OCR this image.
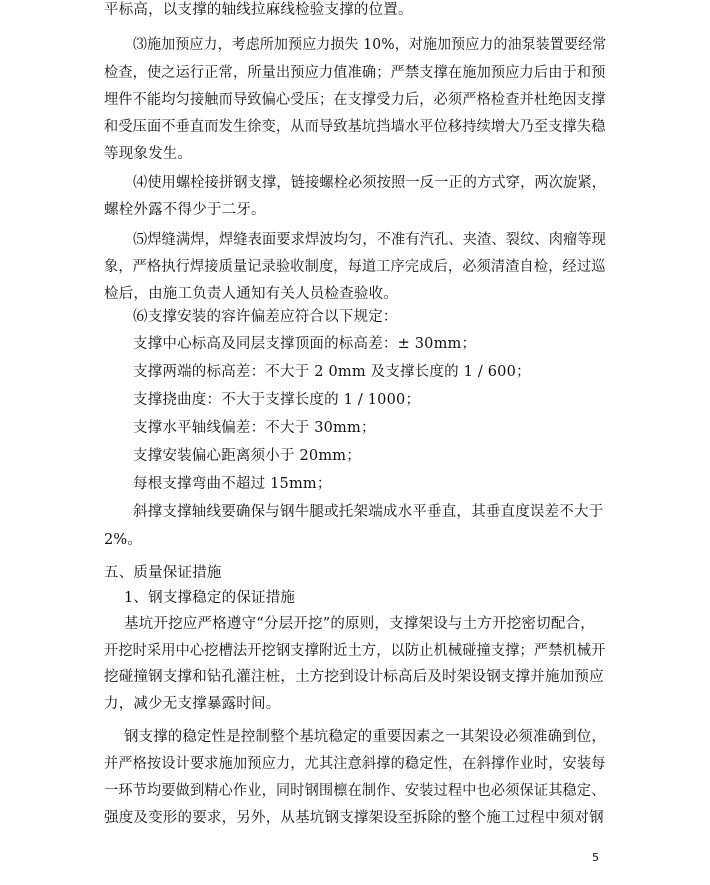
平标高，以支撑的轴线拉麻线检验支撑的位置。
⑶施加预应力，考虑所加预应力损失 10%，对施加预应力的油泵装置要经常
检查，使之运行正常，所量出预应力值准确；严禁支撑在施加预应力后由于和预
埋件不能均匀接触而导致偏心受压；在支撑受力后，必须严格检查并杜绝因支撑
和受压面不垂直而发生徐变，从而导致基坑挡墙水平位移持续增大乃至支撑失稳
等现象发生。
⑷使用螺栓接拼钢支撑，链接螺栓必须按照一反一正的方式穿，两次旋紧，
螺栓外露不得少于二牙。
⑸焊缝满焊，焊缝表面要求焊波均匀，不准有汽孔、夹渣、裂纹、肉瘤等现
象，严格执行焊接质量记录验收制度，每道工序完成后，必须清渣自检，经过巡
检后，由施工负责人通知有关人员检查验收。
⑹支撑安装的容许偏差应符合以下规定：
支撑中心标高及同层支撑顶面的标高差：± 30mm；
支撑两端的标高差：不大于 2 0mm 及支撑长度的 1 / 600；
支撑挠曲度：不大于支撑长度的 1 / 1000；
支撑水平轴线偏差：不大于 30mm；
支撑安装偏心距离须小于 20mm；
每根支撑弯曲不超过 15mm；
斜撑支撑轴线要确保与钢牛腿或托架端成水平垂直，其垂直度误差不大于
2%。
五、质量保证措施
1、钢支撑稳定的保证措施
基坑开挖应严格遵守“分层开挖”的原则，支撑架设与土方开挖密切配合，
开挖时采用中心挖槽法开挖钢支撑附近土方，以防止机械碰撞支撑；严禁机械开
挖碰撞钢支撑和钻孔灌注桩，土方挖到设计标高后及时架设钢支撑并施加预应
力，减少无支撑暴露时间。
钢支撑的稳定性是控制整个基坑稳定的重要因素之一其架设必须准确到位，
并严格按设计要求施加预应力，尤其注意斜撑的稳定性，在斜撑作业时，安装每
一环节均要做到精心作业，同时钢围檩在制作、安装过程中也必须保证其稳定、
强度及变形的要求，另外，从基坑钢支撑架设至拆除的整个施工过程中须对钢
5
